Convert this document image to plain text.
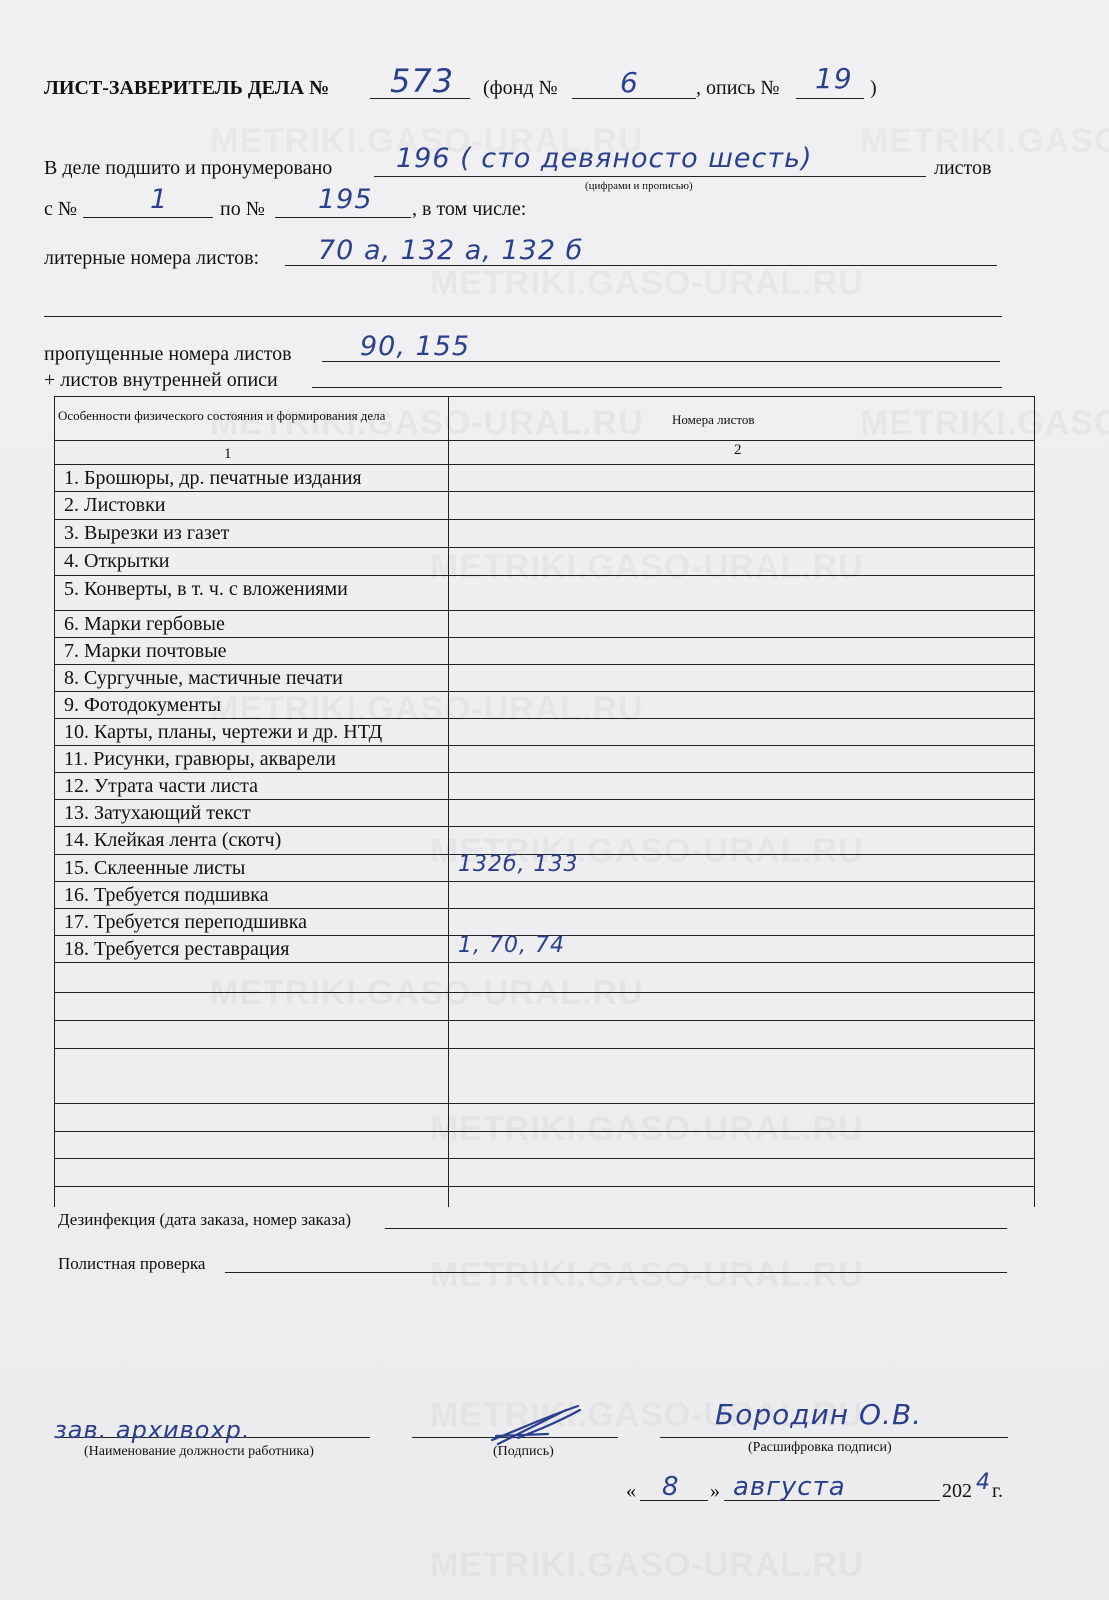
ЛИСТ-ЗАВЕРИТЕЛЬ ДЕЛА № 573 (фонд № 6	, опись № 19 )
В деле подшито и пронумеровано 196 ( сто девяносто шесть)
(цифрами и прописью)
листов
с №	1	по № 195 , в том числе:
литерные номера листов: 70 а, 132 а, 132 б
пропущенные номера листов	90, 155
+ листов внутренней описи
Особенности физического состояния и формирования дела	Номера листов
1	2
1. Брошюры, др. печатные издания
2. Листовки
3. Вырезки из газет
4. Открытки
5. Конверты, в т. ч. с вложениями
6. Марки гербовые
7. Марки почтовые
8. Сургучные, мастичные печати
9. Фотодокументы
10. Карты, планы, чертежи и др. НТД
11. Рисунки, гравюры, акварели
12. Утрата части листа
13. Затухающий текст
14. Клейкая лента (скотч)
15. Склеенные листы	132б, 133
16. Требуется подшивка
17. Требуется переподшивка
18. Требуется реставрация	1, 70, 74
Дезинфекция (дата заказа, номер заказа)
Полистная проверка
зав. архивохр.
(Наименование должности работника)	(Подпись)
Бородин О.В.
(Расшифровка подписи)
« 8 » августа	202 4 г.
